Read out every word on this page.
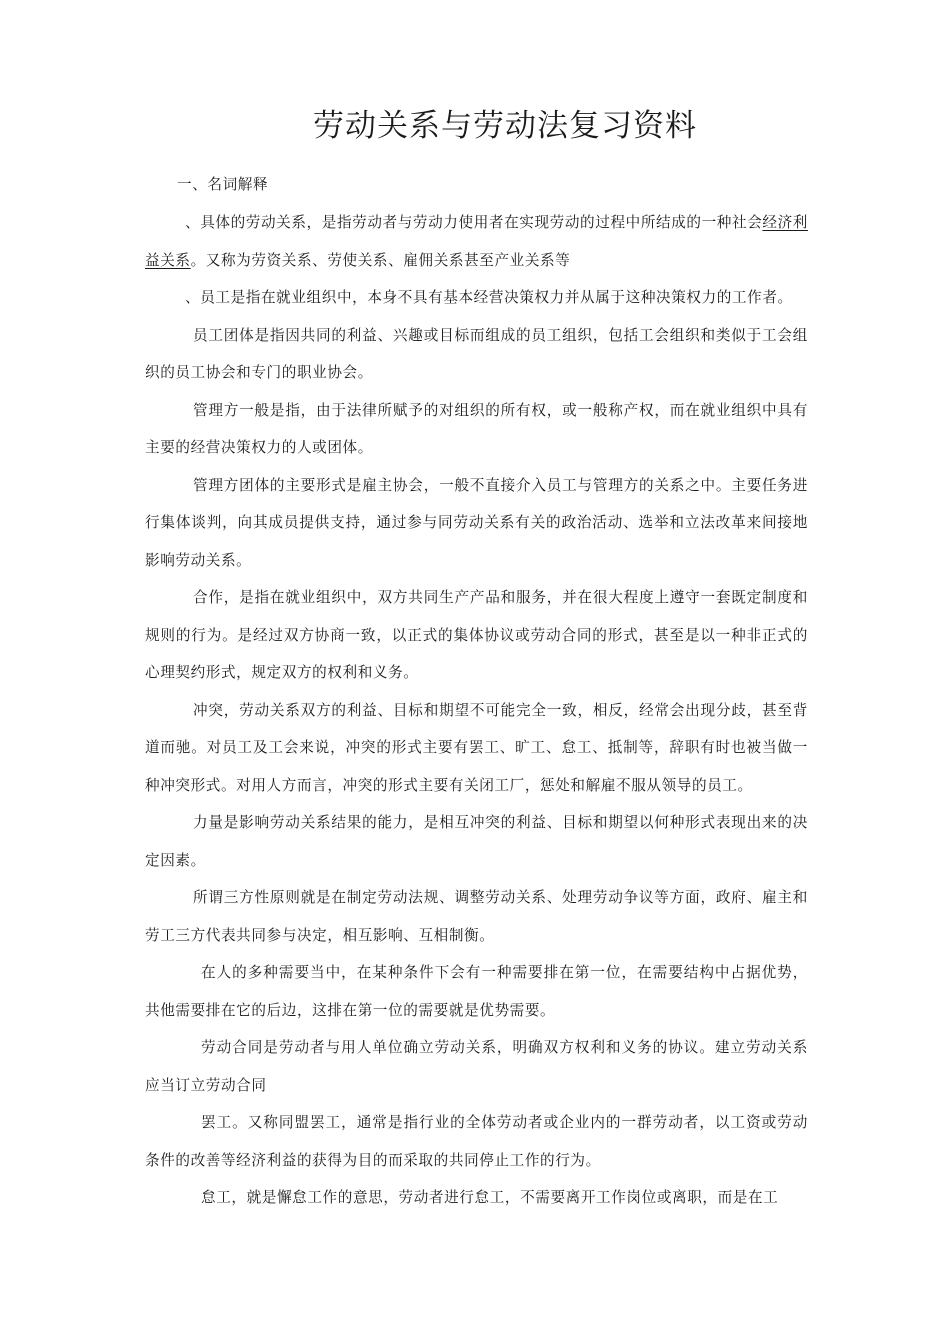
劳动关系与劳动法复习资料

一、名词解释

、具体的劳动关系，是指劳动者与劳动力使用者在实现劳动的过程中所结成的一种社会经济利益关系。又称为劳资关系、劳使关系、雇佣关系甚至产业关系等

、员工是指在就业组织中，本身不具有基本经营决策权力并从属于这种决策权力的工作者。

员工团体是指因共同的利益、兴趣或目标而组成的员工组织，包括工会组织和类似于工会组织的员工协会和专门的职业协会。

管理方一般是指，由于法律所赋予的对组织的所有权，或一般称产权，而在就业组织中具有主要的经营决策权力的人或团体。

管理方团体的主要形式是雇主协会，一般不直接介入员工与管理方的关系之中。主要任务进行集体谈判，向其成员提供支持，通过参与同劳动关系有关的政治活动、选举和立法改革来间接地影响劳动关系。

合作，是指在就业组织中，双方共同生产产品和服务，并在很大程度上遵守一套既定制度和规则的行为。是经过双方协商一致，以正式的集体协议或劳动合同的形式，甚至是以一种非正式的心理契约形式，规定双方的权利和义务。

冲突，劳动关系双方的利益、目标和期望不可能完全一致，相反，经常会出现分歧，甚至背道而驰。对员工及工会来说，冲突的形式主要有罢工、旷工、怠工、抵制等，辞职有时也被当做一种冲突形式。对用人方而言，冲突的形式主要有关闭工厂，惩处和解雇不服从领导的员工。

力量是影响劳动关系结果的能力，是相互冲突的利益、目标和期望以何种形式表现出来的决定因素。

所谓三方性原则就是在制定劳动法规、调整劳动关系、处理劳动争议等方面，政府、雇主和劳工三方代表共同参与决定，相互影响、互相制衡。

在人的多种需要当中，在某种条件下会有一种需要排在第一位，在需要结构中占据优势，共他需要排在它的后边，这排在第一位的需要就是优势需要。

劳动合同是劳动者与用人单位确立劳动关系，明确双方权利和义务的协议。建立劳动关系应当订立劳动合同

罢工。又称同盟罢工，通常是指行业的全体劳动者或企业内的一群劳动者，以工资或劳动条件的改善等经济利益的获得为目的而采取的共同停止工作的行为。

怠工，就是懈怠工作的意思，劳动者进行怠工，不需要离开工作岗位或离职，而是在工
